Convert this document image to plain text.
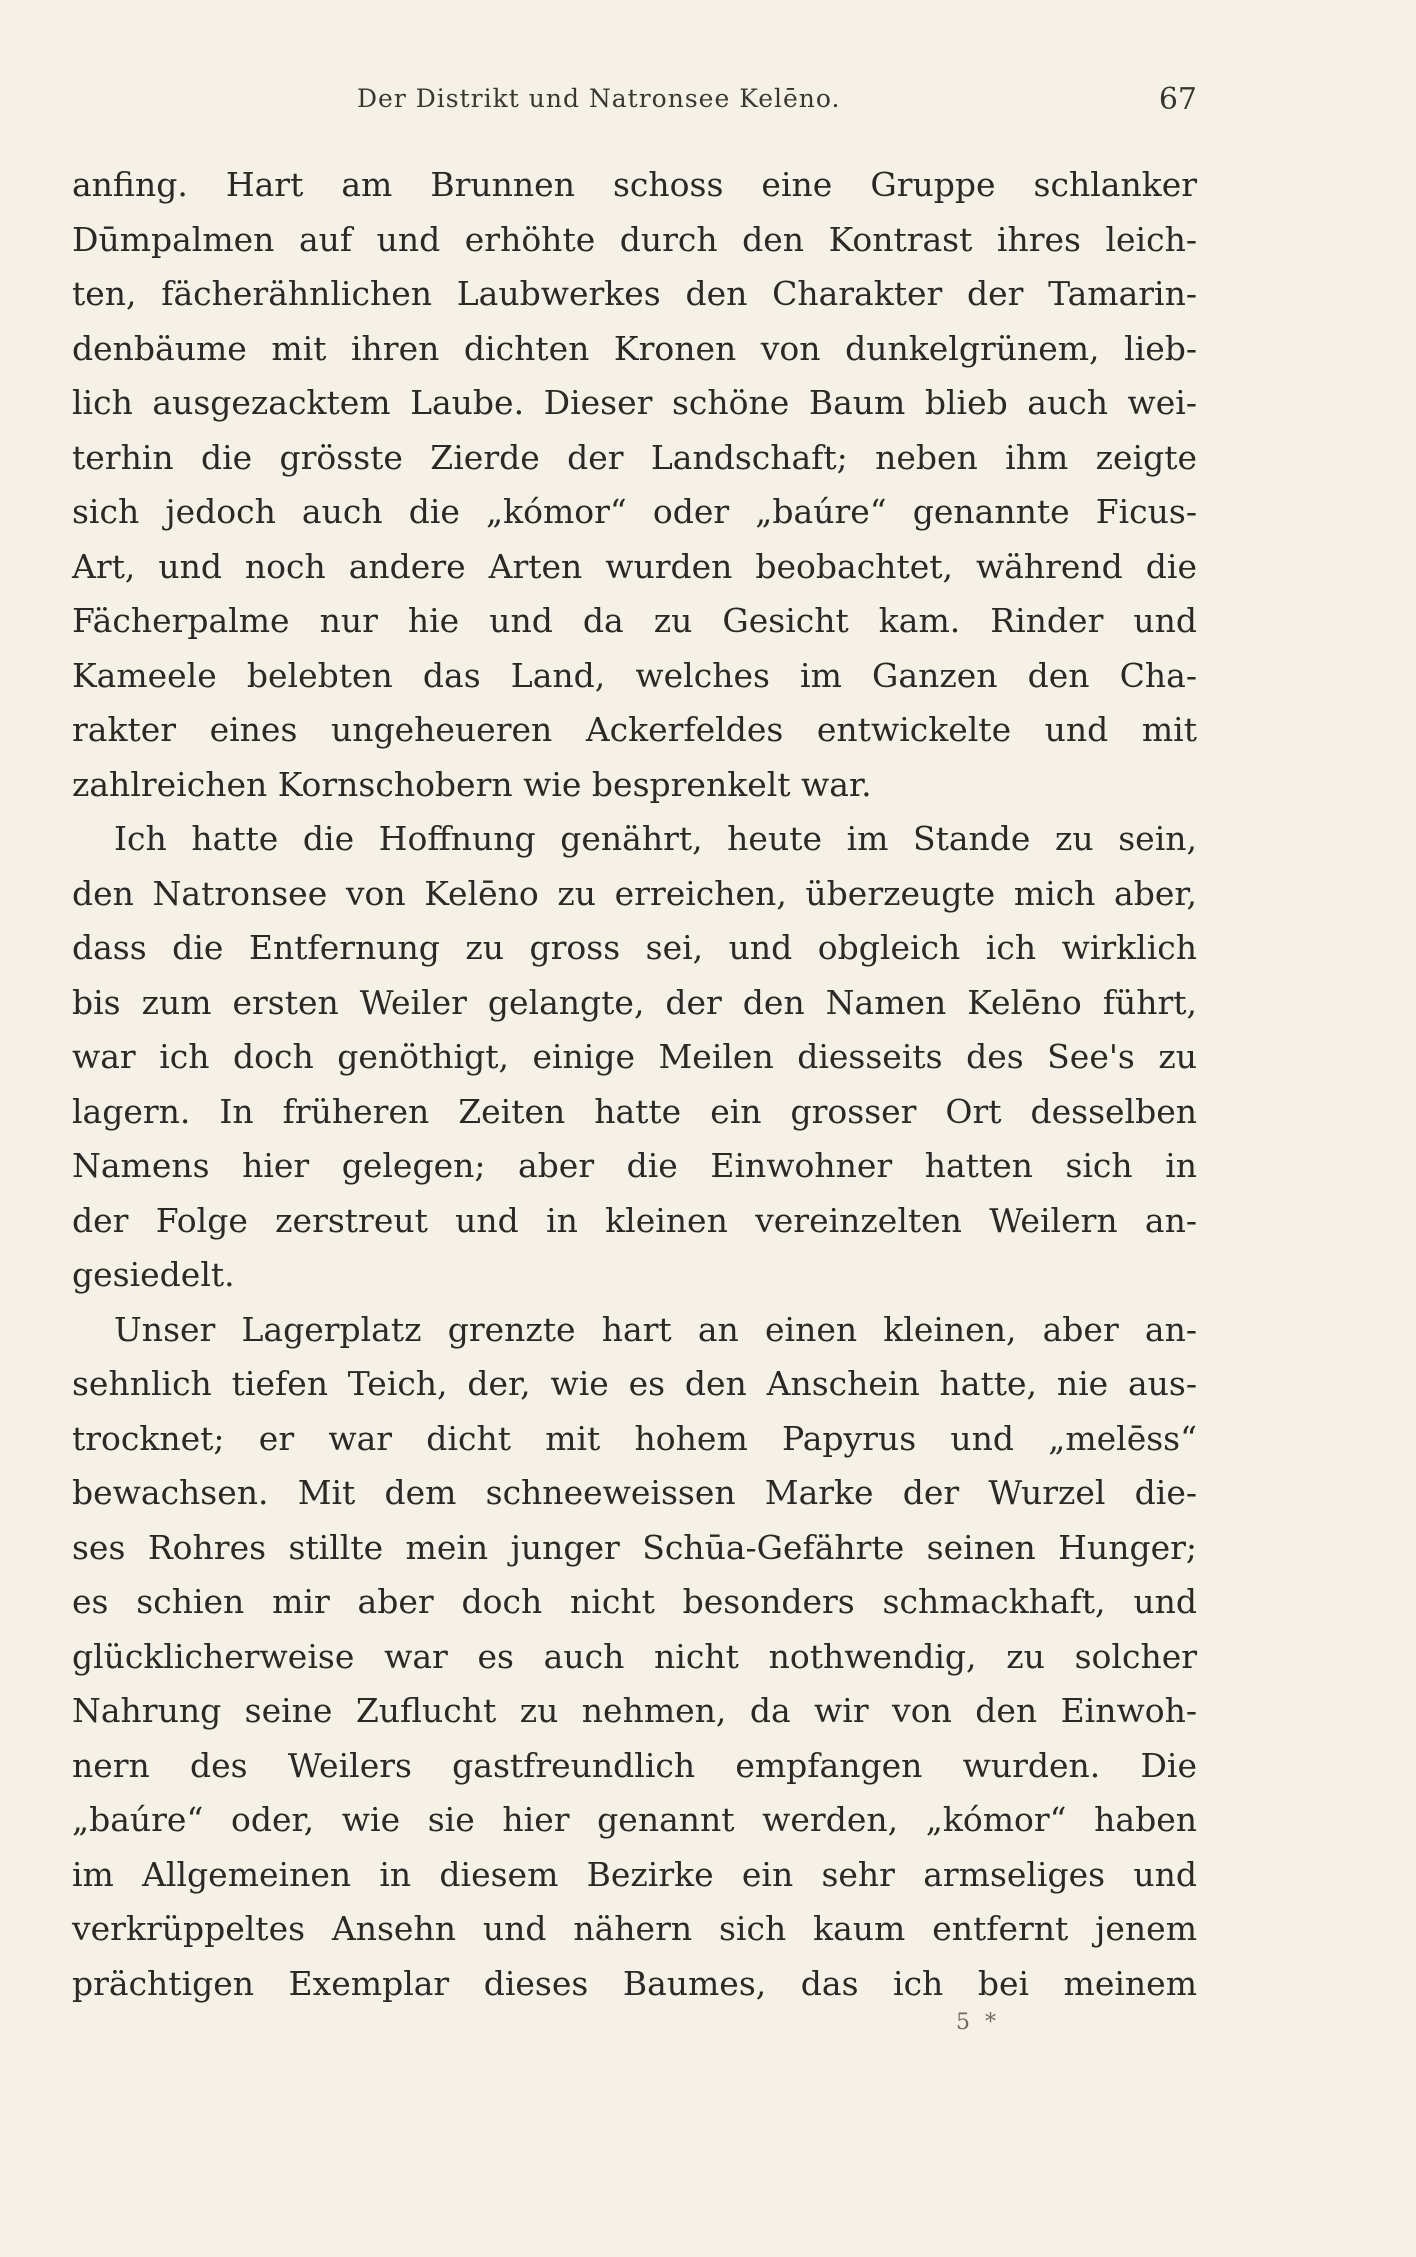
Der Distrikt und Natronsee Kelēno.	67
anfing. Hart am Brunnen schoss eine Gruppe schlanker
Dūmpalmen auf und erhöhte durch den Kontrast ihres leich-
ten, fächerähnlichen Laubwerkes den Charakter der Tamarin-
denbäume mit ihren dichten Kronen von dunkelgrünem, lieb-
lich ausgezacktem Laube. Dieser schöne Baum blieb auch wei-
terhin die grösste Zierde der Landschaft; neben ihm zeigte
sich jedoch auch die „kómor“ oder „baúre“ genannte Ficus-
Art, und noch andere Arten wurden beobachtet, während die
Fächerpalme nur hie und da zu Gesicht kam. Rinder und
Kameele belebten das Land, welches im Ganzen den Cha-
rakter eines ungeheueren Ackerfeldes entwickelte und mit
zahlreichen Kornschobern wie besprenkelt war.
Ich hatte die Hoffnung genährt, heute im Stande zu sein,
den Natronsee von Kelēno zu erreichen, überzeugte mich aber,
dass die Entfernung zu gross sei, und obgleich ich wirklich
bis zum ersten Weiler gelangte, der den Namen Kelēno führt,
war ich doch genöthigt, einige Meilen diesseits des See's zu
lagern. In früheren Zeiten hatte ein grosser Ort desselben
Namens hier gelegen; aber die Einwohner hatten sich in
der Folge zerstreut und in kleinen vereinzelten Weilern an-
gesiedelt.
Unser Lagerplatz grenzte hart an einen kleinen, aber an-
sehnlich tiefen Teich, der, wie es den Anschein hatte, nie aus-
trocknet; er war dicht mit hohem Papyrus und „melēss“
bewachsen. Mit dem schneeweissen Marke der Wurzel die-
ses Rohres stillte mein junger Schūa-Gefährte seinen Hunger;
es schien mir aber doch nicht besonders schmackhaft, und
glücklicherweise war es auch nicht nothwendig, zu solcher
Nahrung seine Zuflucht zu nehmen, da wir von den Einwoh-
nern des Weilers gastfreundlich empfangen wurden. Die
„baúre“ oder, wie sie hier genannt werden, „kómor“ haben
im Allgemeinen in diesem Bezirke ein sehr armseliges und
verkrüppeltes Ansehn und nähern sich kaum entfernt jenem
prächtigen Exemplar dieses Baumes, das ich bei meinem
5 *
